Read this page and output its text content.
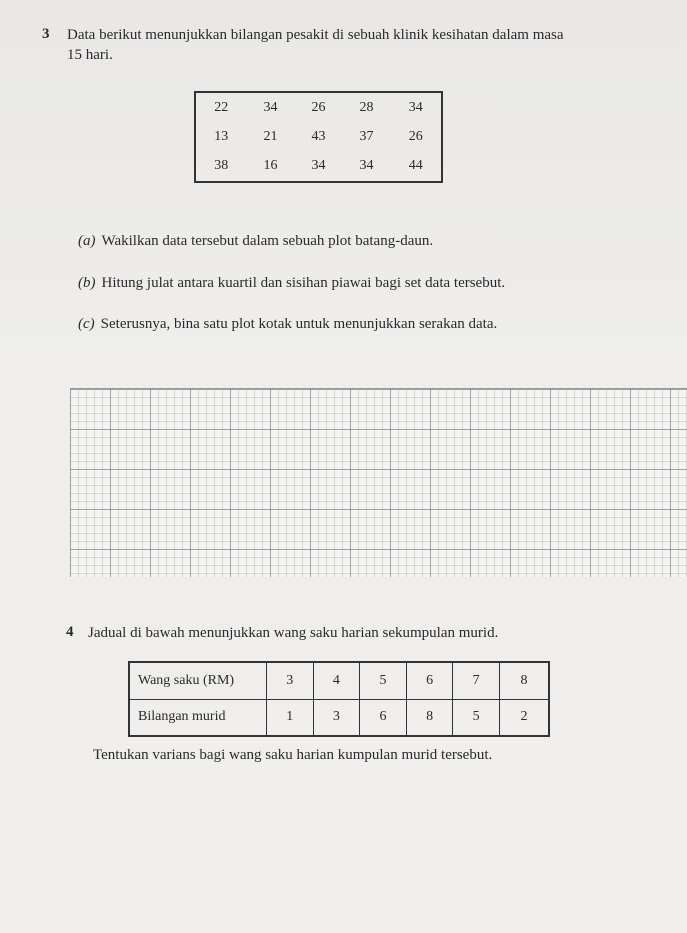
3 Data berikut menunjukkan bilangan pesakit di sebuah klinik kesihatan dalam masa
15 hari.
22	34	26	28	34
13	21	43	37	26
38	16	34	34	44
(a) Wakilkan data tersebut dalam sebuah plot batang-daun.
(b) Hitung julat antara kuartil dan sisihan piawai bagi set data tersebut.
(c) Seterusnya, bina satu plot kotak untuk menunjukkan serakan data.
4 Jadual di bawah menunjukkan wang saku harian sekumpulan murid.
Wang saku (RM)	3	4	5	6	7	8
Bilangan murid	1	3	6	8	5	2
Tentukan varians bagi wang saku harian kumpulan murid tersebut.
